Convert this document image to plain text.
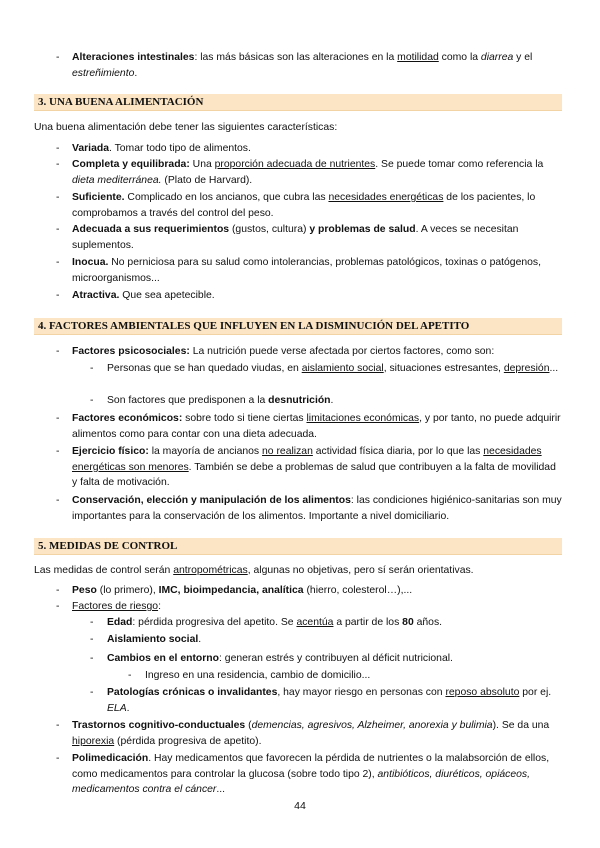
- Alteraciones intestinales: las más básicas son las alteraciones en la motilidad como la diarrea y el estreñimiento.
3. UNA BUENA ALIMENTACIÓN
Una buena alimentación debe tener las siguientes características:
- Variada. Tomar todo tipo de alimentos.
- Completa y equilibrada: Una proporción adecuada de nutrientes. Se puede tomar como referencia la dieta mediterránea. (Plato de Harvard).
- Suficiente. Complicado en los ancianos, que cubra las necesidades energéticas de los pacientes, lo comprobamos a través del control del peso.
- Adecuada a sus requerimientos (gustos, cultura) y problemas de salud. A veces se necesitan suplementos.
- Inocua. No perniciosa para su salud como intolerancias, problemas patológicos, toxinas o patógenos, microorganismos...
- Atractiva. Que sea apetecible.
4. FACTORES AMBIENTALES QUE INFLUYEN EN LA DISMINUCIÓN DEL APETITO
- Factores psicosociales: La nutrición puede verse afectada por ciertos factores, como son:
- Personas que se han quedado viudas, en aislamiento social, situaciones estresantes, depresión...
- Son factores que predisponen a la desnutrición.
- Factores económicos: sobre todo si tiene ciertas limitaciones económicas, y por tanto, no puede adquirir alimentos como para contar con una dieta adecuada.
- Ejercicio físico: la mayoría de ancianos no realizan actividad física diaria, por lo que las necesidades energéticas son menores. También se debe a problemas de salud que contribuyen a la falta de movilidad y falta de motivación.
- Conservación, elección y manipulación de los alimentos: las condiciones higiénico-sanitarias son muy importantes para la conservación de los alimentos. Importante a nivel domiciliario.
5. MEDIDAS DE CONTROL
Las medidas de control serán antropométricas, algunas no objetivas, pero sí serán orientativas.
- Peso (lo primero), IMC, bioimpedancia, analítica (hierro, colesterol…),...
- Factores de riesgo:
- Edad: pérdida progresiva del apetito. Se acentúa a partir de los 80 años.
- Aislamiento social.
- Cambios en el entorno: generan estrés y contribuyen al déficit nutricional.
- Ingreso en una residencia, cambio de domicilio...
- Patologías crónicas o invalidantes, hay mayor riesgo en personas con reposo absoluto por ej. ELA.
- Trastornos cognitivo-conductuales (demencias, agresivos, Alzheimer, anorexia y bulimia). Se da una hiporexia (pérdida progresiva de apetito).
- Polimedicación. Hay medicamentos que favorecen la pérdida de nutrientes o la malabsorción de ellos, como medicamentos para controlar la glucosa (sobre todo tipo 2), antibióticos, diuréticos, opiáceos, medicamentos contra el cáncer...
44
